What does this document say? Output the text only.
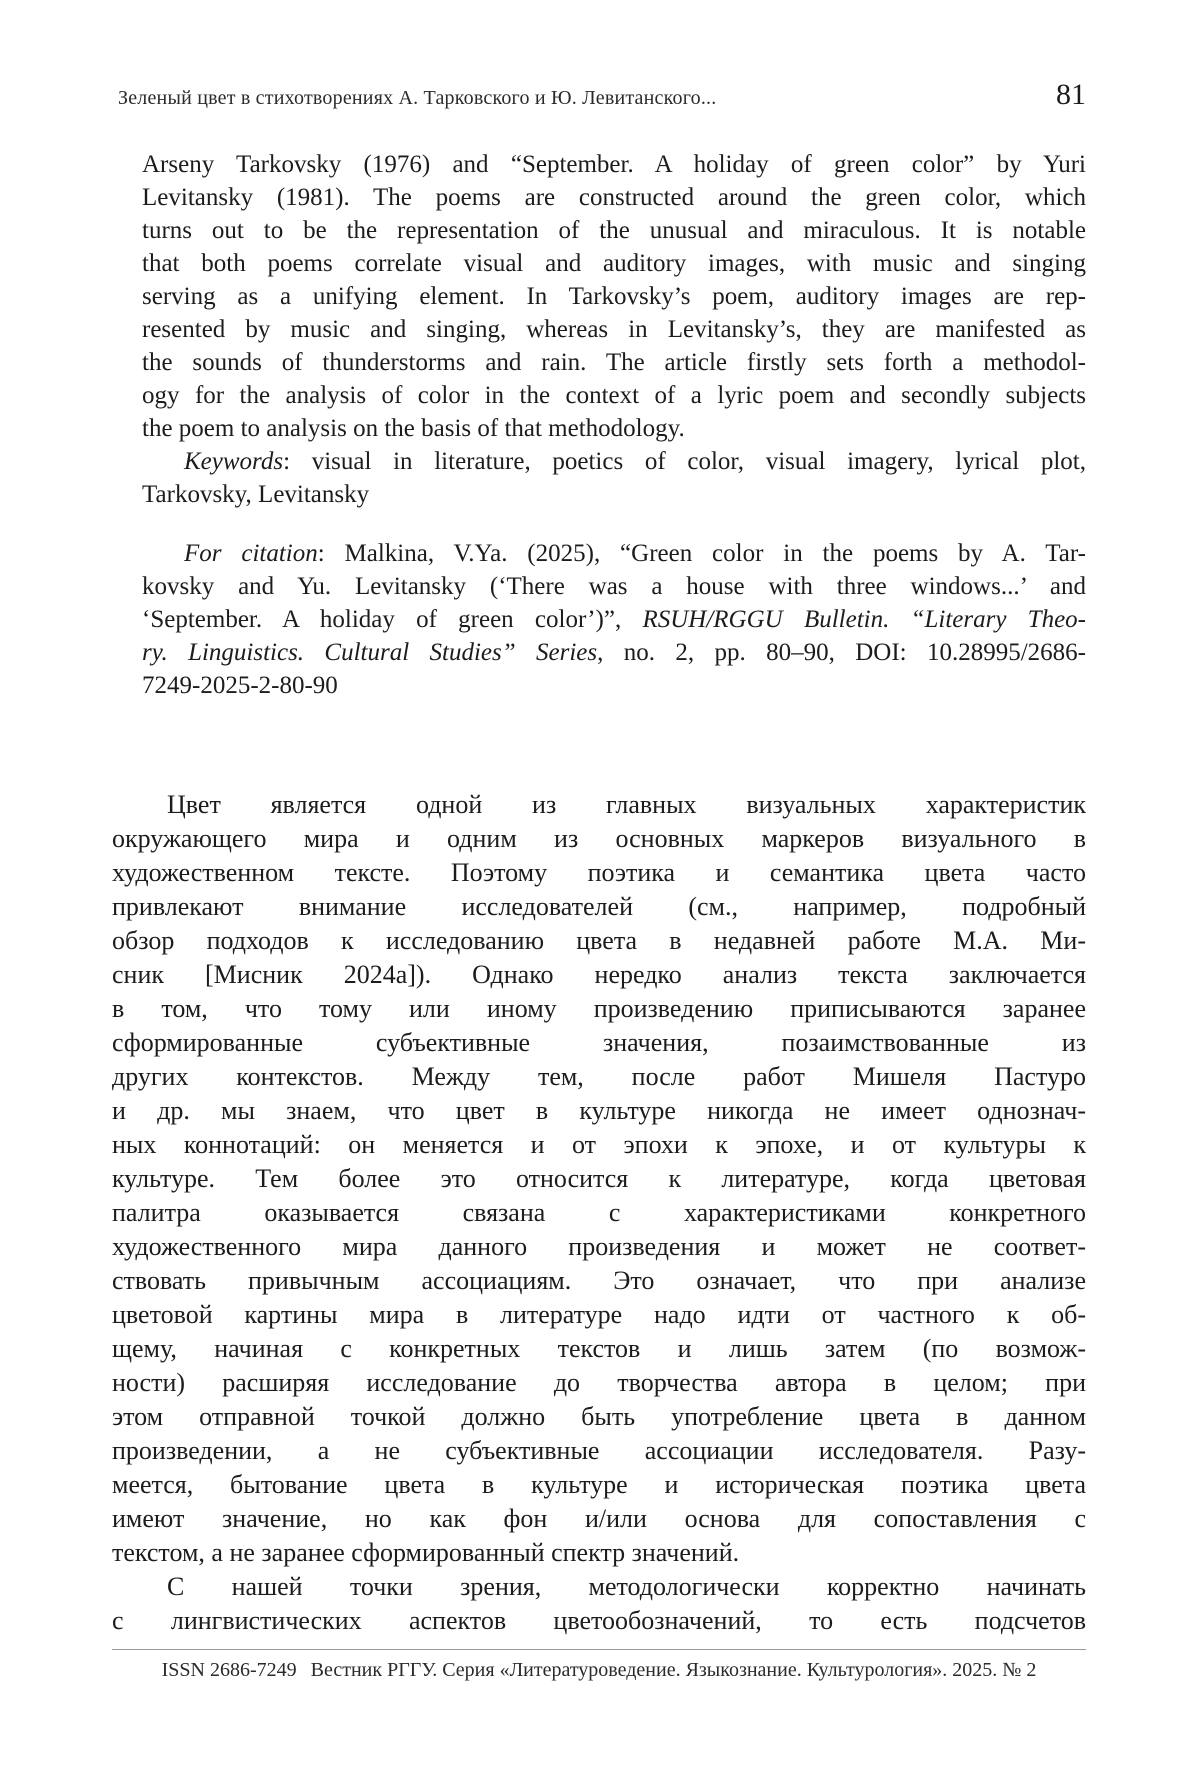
Зеленый цвет в стихотворениях А. Тарковского и Ю. Левитанского...	81
Arseny Tarkovsky (1976) and “September. A holiday of green color” by Yuri
Levitansky (1981). The poems are constructed around the green color, which
turns out to be the representation of the unusual and miraculous. It is notable
that both poems correlate visual and auditory images, with music and singing
serving as a unifying element. In Tarkovsky’s poem, auditory images are rep-
resented by music and singing, whereas in Levitansky’s, they are manifested as
the sounds of thunderstorms and rain. The article firstly sets forth a methodol-
ogy for the analysis of color in the context of a lyric poem and secondly subjects
the poem to analysis on the basis of that methodology.
Keywords: visual in literature, poetics of color, visual imagery, lyrical plot,
Tarkovsky, Levitansky
For citation: Malkina, V.Ya. (2025), “Green color in the poems by A. Tar-
kovsky and Yu. Levitansky (‘There was a house with three windows...’ and
‘September. A holiday of green color’)”, RSUH/RGGU Bulletin. “Literary Theo-
ry. Linguistics. Cultural Studies” Series, no. 2, pp. 80–90, DOI: 10.28995/2686-
7249-2025-2-80-90
Цвет является одной из главных визуальных характеристик
окружающего мира и одним из основных маркеров визуального в
художественном тексте. Поэтому поэтика и семантика цвета часто
привлекают внимание исследователей (см., например, подробный
обзор подходов к исследованию цвета в недавней работе М.А. Ми-
сник [Мисник 2024а]). Однако нередко анализ текста заключается
в том, что тому или иному произведению приписываются заранее
сформированные субъективные значения, позаимствованные из
других контекстов. Между тем, после работ Мишеля Пастуро
и др. мы знаем, что цвет в культуре никогда не имеет однознач-
ных коннотаций: он меняется и от эпохи к эпохе, и от культуры к
культуре. Тем более это относится к литературе, когда цветовая
палитра оказывается связана с характеристиками конкретного
художественного мира данного произведения и может не соответ-
ствовать привычным ассоциациям. Это означает, что при анализе
цветовой картины мира в литературе надо идти от частного к об-
щему, начиная с конкретных текстов и лишь затем (по возмож-
ности) расширяя исследование до творчества автора в целом; при
этом отправной точкой должно быть употребление цвета в данном
произведении, а не субъективные ассоциации исследователя. Разу-
меется, бытование цвета в культуре и историческая поэтика цвета
имеют значение, но как фон и/или основа для сопоставления с
текстом, а не заранее сформированный спектр значений.
С нашей точки зрения, методологически корректно начинать
с лингвистических аспектов цветообозначений, то есть подсчетов
ISSN 2686-7249 Вестник РГГУ. Серия «Литературоведение. Языкознание. Культурология». 2025. № 2
